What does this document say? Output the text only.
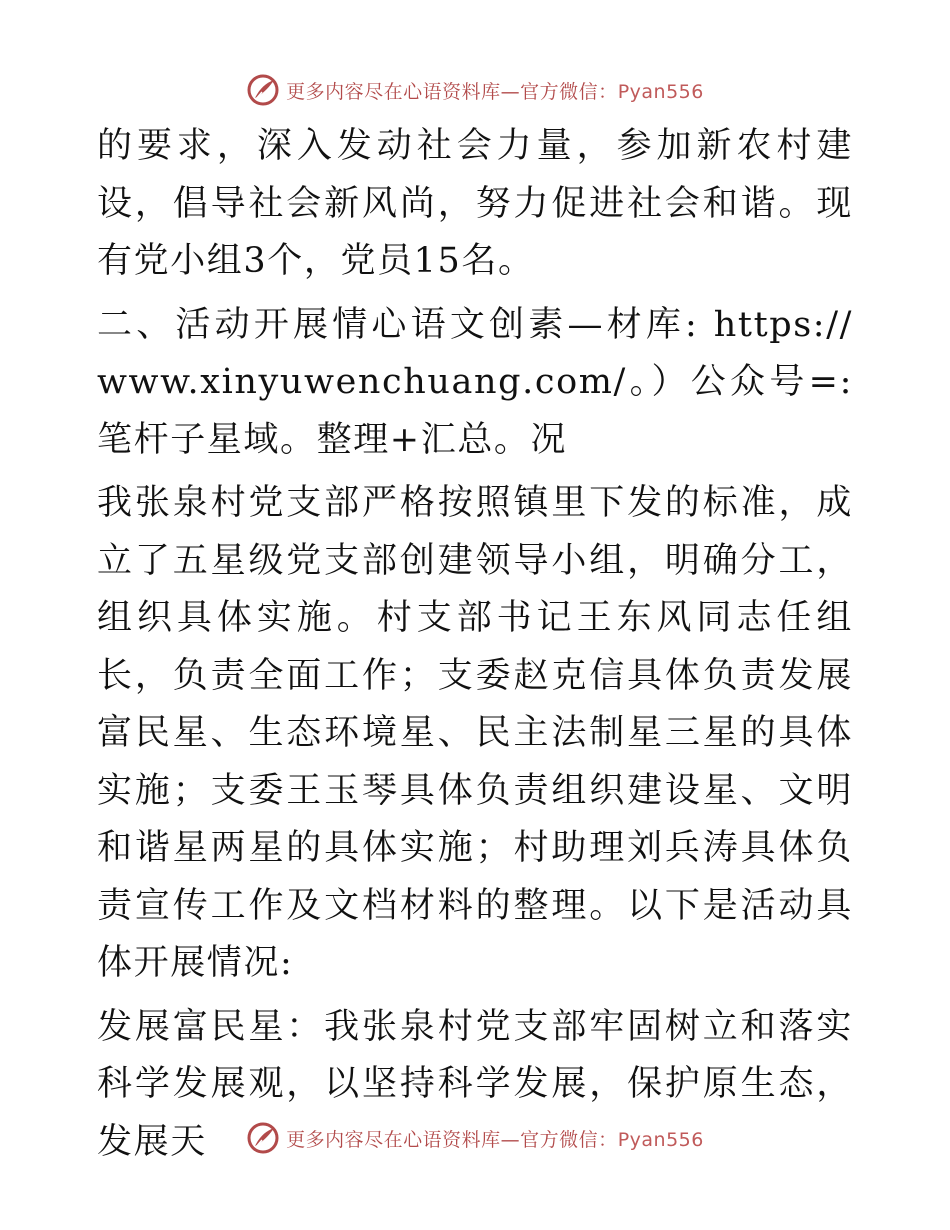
更多内容尽在心语资料库—官方微信：Pyan556

的要求，深入发动社会力量，参加新农村建设，倡导社会新风尚，努力促进社会和谐。现有党小组3个，党员15名。

二、活动开展情心语文创素—材库: https:// www.xinyuwenchuang.com/。）公众号=: 笔杆子星域。整理+汇总。况

我张泉村党支部严格按照镇里下发的标准，成立了五星级党支部创建领导小组，明确分工，组织具体实施。村支部书记王东风同志任组长，负责全面工作；支委赵克信具体负责发展富民星、生态环境星、民主法制星三星的具体实施；支委王玉琴具体负责组织建设星、文明和谐星两星的具体实施；村助理刘兵涛具体负责宣传工作及文档材料的整理。以下是活动具体开展情况:

发展富民星：我张泉村党支部牢固树立和落实科学发展观，以坚持科学发展，保护原生态，发展天	更多内容尽在心语资料库—官方微信：Pyan556
